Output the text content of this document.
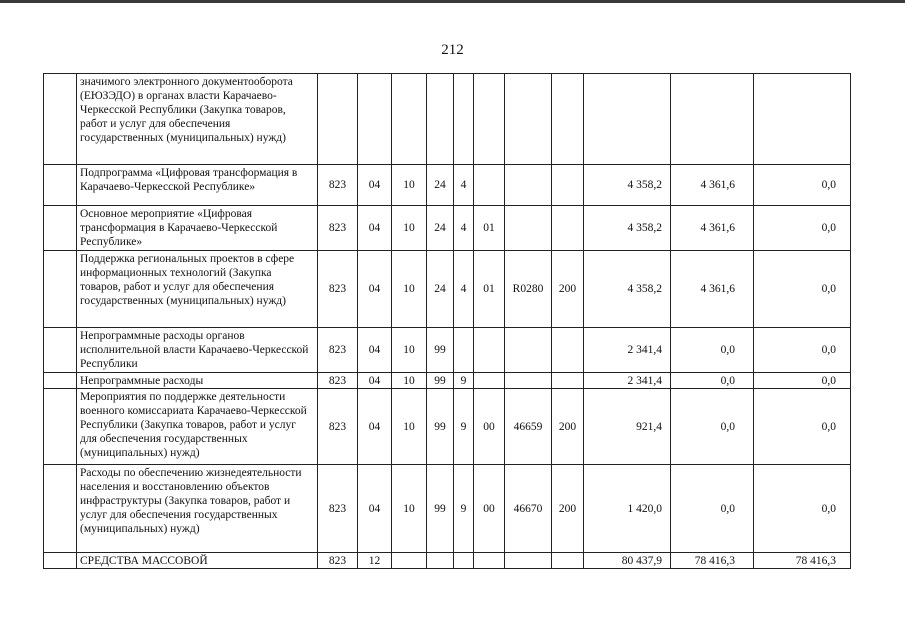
212
	значимого электронного документооборота (ЕЮЗЭДО) в органах власти Карачаево-Черкесской Республики (Закупка товаров, работ и услуг для обеспечения государственных (муниципальных) нужд)											
	Подпрограмма «Цифровая трансформация в Карачаево-Черкесской Республике»	823	04	10	24	4				4 358,2	4 361,6	0,0
	Основное мероприятие «Цифровая трансформация в Карачаево-Черкесской Республике»	823	04	10	24	4	01			4 358,2	4 361,6	0,0
	Поддержка региональных проектов в сфере информационных технологий (Закупка товаров, работ и услуг для обеспечения государственных (муниципальных) нужд)	823	04	10	24	4	01	R0280	200	4 358,2	4 361,6	0,0
	Непрограммные расходы органов исполнительной власти Карачаево-Черкесской Республики	823	04	10	99					2 341,4	0,0	0,0
	Непрограммные расходы	823	04	10	99	9				2 341,4	0,0	0,0
	Мероприятия по поддержке деятельности военного комиссариата Карачаево-Черкесской Республики (Закупка товаров, работ и услуг для обеспечения государственных (муниципальных) нужд)	823	04	10	99	9	00	46659	200	921,4	0,0	0,0
	Расходы по обеспечению жизнедеятельности населения и восстановлению объектов инфраструктуры (Закупка товаров, работ и услуг для обеспечения государственных (муниципальных) нужд)	823	04	10	99	9	00	46670	200	1 420,0	0,0	0,0
	СРЕДСТВА МАССОВОЙ	823	12							80 437,9	78 416,3	78 416,3
